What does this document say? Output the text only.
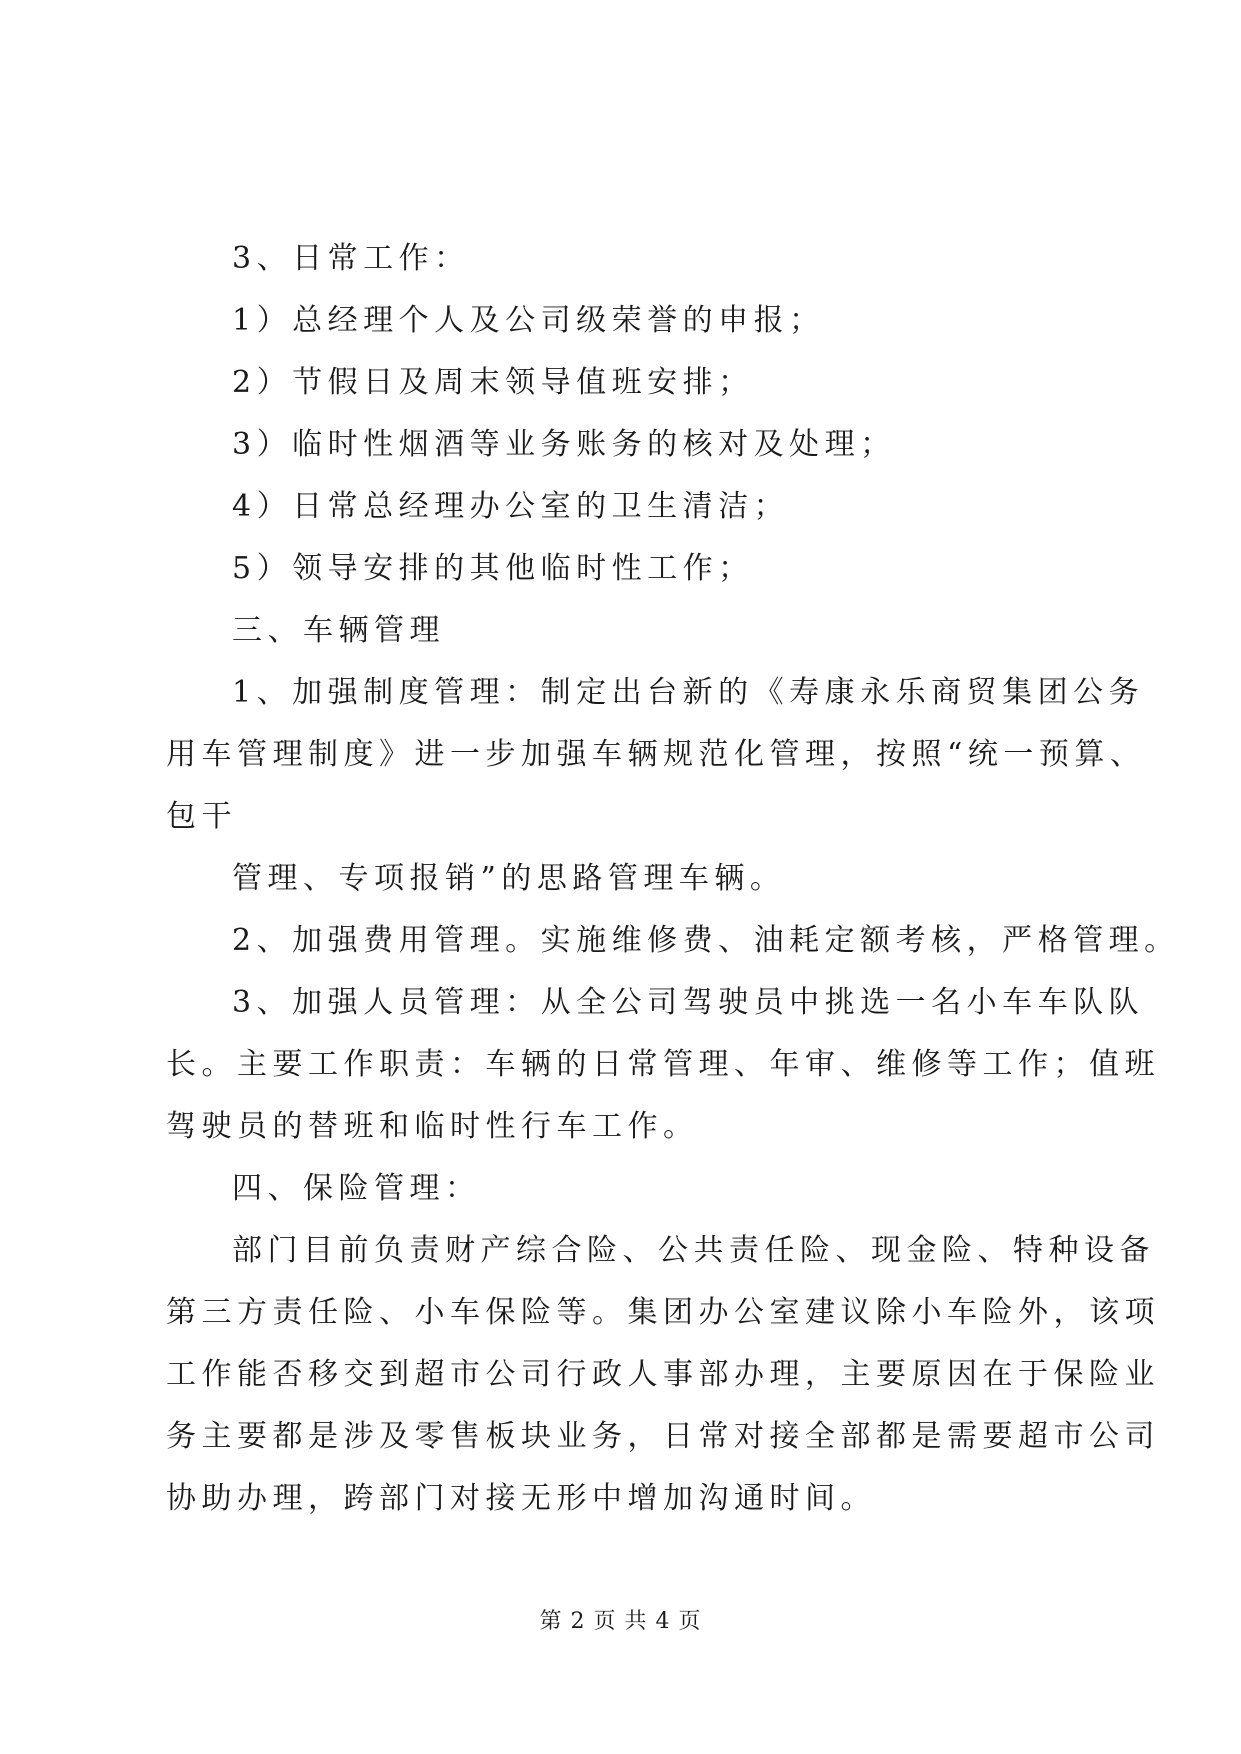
3、日常工作：
1）总经理个人及公司级荣誉的申报；
2）节假日及周末领导值班安排；
3）临时性烟酒等业务账务的核对及处理；
4）日常总经理办公室的卫生清洁；
5）领导安排的其他临时性工作；
三、车辆管理
1、加强制度管理：制定出台新的《寿康永乐商贸集团公务
用车管理制度》进一步加强车辆规范化管理，按照“统一预算、
包干
管理、专项报销”的思路管理车辆。
2、加强费用管理。实施维修费、油耗定额考核，严格管理。
3、加强人员管理：从全公司驾驶员中挑选一名小车车队队
长。主要工作职责：车辆的日常管理、年审、维修等工作；值班
驾驶员的替班和临时性行车工作。
四、保险管理：
部门目前负责财产综合险、公共责任险、现金险、特种设备
第三方责任险、小车保险等。集团办公室建议除小车险外，该项
工作能否移交到超市公司行政人事部办理，主要原因在于保险业
务主要都是涉及零售板块业务，日常对接全部都是需要超市公司
协助办理，跨部门对接无形中增加沟通时间。
第 2 页 共 4 页
